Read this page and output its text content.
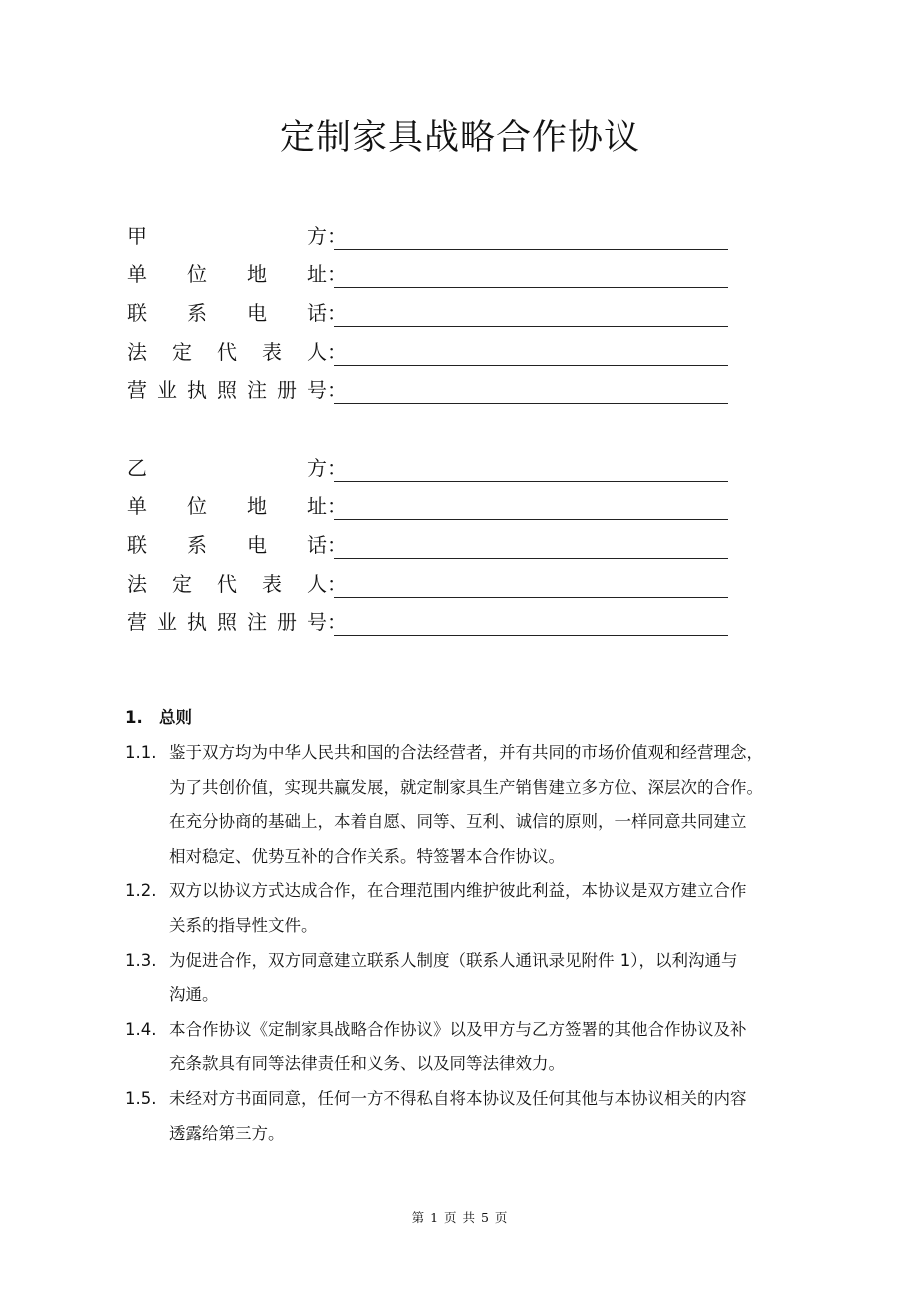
定制家具战略合作协议
甲	方 ：
单 位 地 址 ：
联 系 电 话 ：
法 定 代 表 人 ：
营 业 执 照 注 册 号 ：
乙	方 ：
单 位 地 址 ：
联 系 电 话 ：
法 定 代 表 人 ：
营 业 执 照 注 册 号 ：
1. 总则
1.1. 鉴于双方均为中华人民共和国的合法经营者，并有共同的市场价值观和经营理念，
为了共创价值，实现共赢发展，就定制家具生产销售建立多方位、深层次的合作。
在充分协商的基础上，本着自愿、同等、互利、诚信的原则，一样同意共同建立
相对稳定、优势互补的合作关系。特签署本合作协议。
1.2. 双方以协议方式达成合作，在合理范围内维护彼此利益，本协议是双方建立合作
关系的指导性文件。
1.3. 为促进合作，双方同意建立联系人制度（联系人通讯录见附件 1），以利沟通与
沟通。
1.4. 本合作协议《定制家具战略合作协议》以及甲方与乙方签署的其他合作协议及补
充条款具有同等法律责任和义务、以及同等法律效力。
1.5. 未经对方书面同意，任何一方不得私自将本协议及任何其他与本协议相关的内容
透露给第三方。
第 1 页 共 5 页
